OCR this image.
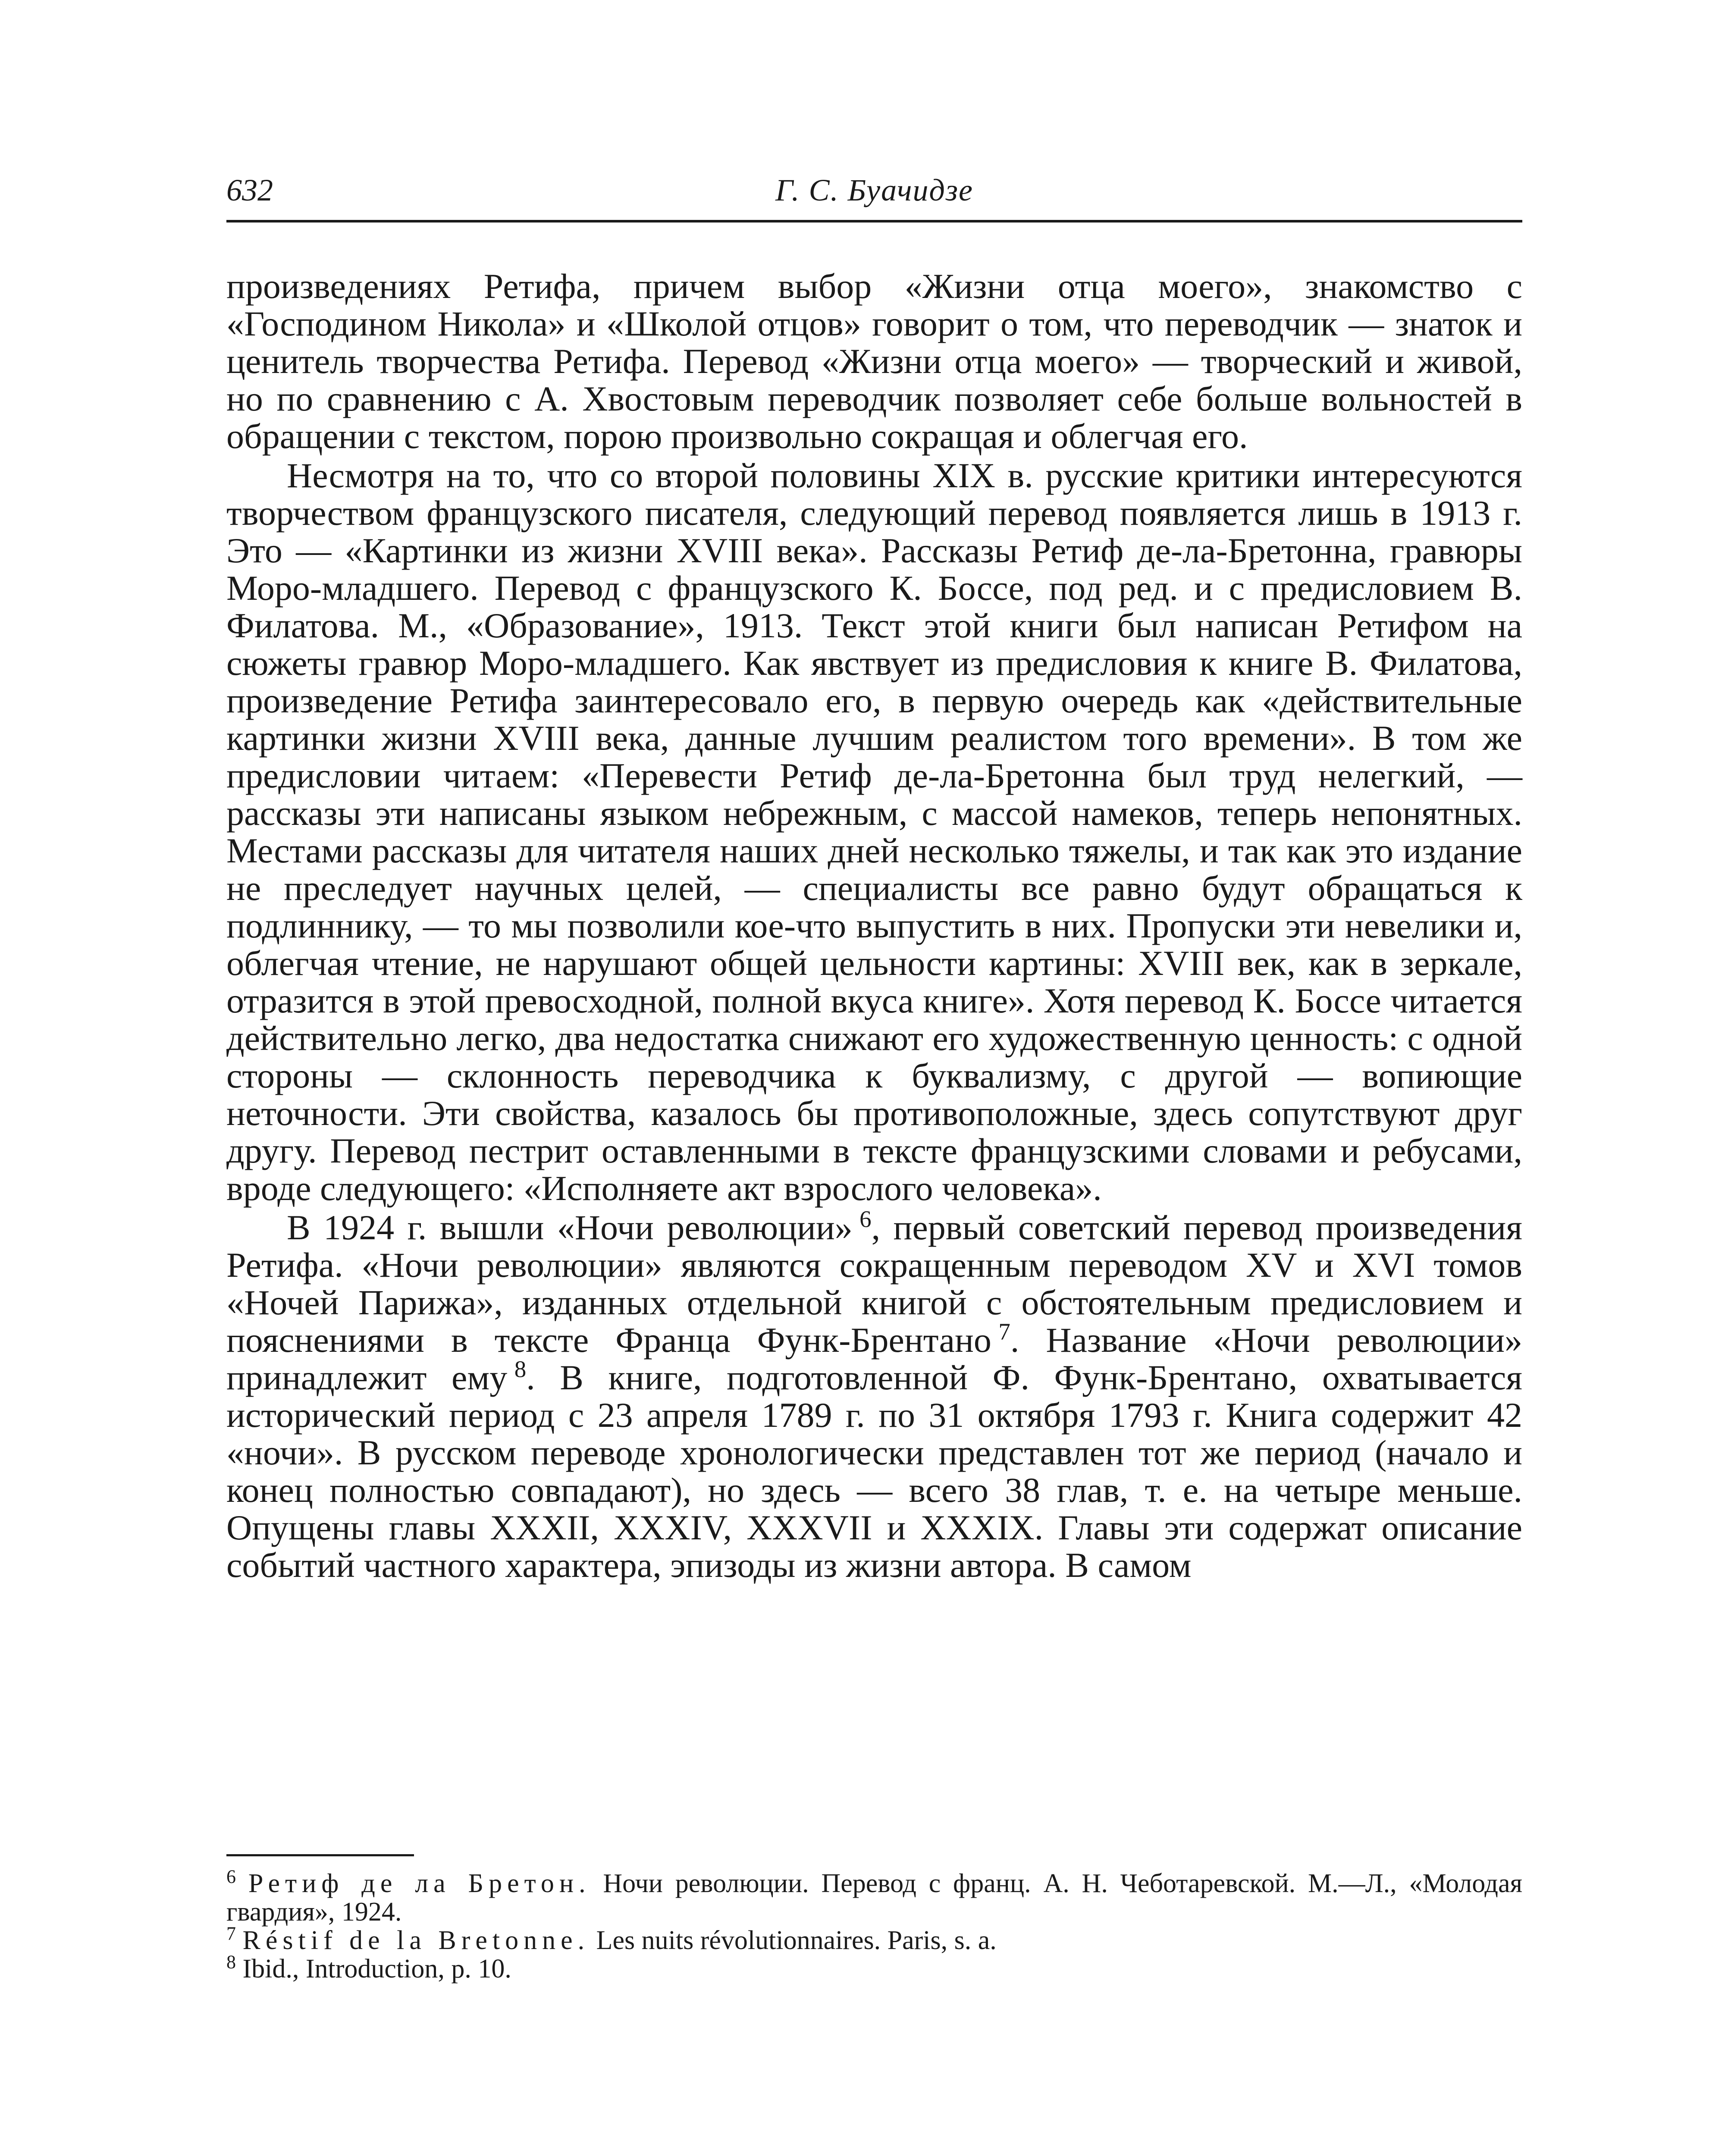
632	Г. С. Буачидзе

произведениях Ретифа, причем выбор «Жизни отца моего», знакомство с «Господином Никола» и «Школой отцов» говорит о том, что переводчик — знаток и ценитель творчества Ретифа. Перевод «Жизни отца моего» — творческий и живой, но по сравнению с А. Хвостовым переводчик позволяет себе больше вольностей в обращении с текстом, порою произвольно сокращая и облегчая его.

Несмотря на то, что со второй половины XIX в. русские критики интересуются творчеством французского писателя, следующий перевод появляется лишь в 1913 г. Это — «Картинки из жизни XVIII века». Рассказы Ретиф де-ла-Бретонна, гравюры Моро-младшего. Перевод с французского К. Боссе, под ред. и с предисловием В. Филатова. М., «Образование», 1913. Текст этой книги был написан Ретифом на сюжеты гравюр Моро-младшего. Как явствует из предисловия к книге В. Филатова, произведение Ретифа заинтересовало его, в первую очередь как «действительные картинки жизни XVIII века, данные лучшим реалистом того времени». В том же предисловии читаем: «Перевести Ретиф де-ла-Бретонна был труд нелегкий, — рассказы эти написаны языком небрежным, с массой намеков, теперь непонятных. Местами рассказы для читателя наших дней несколько тяжелы, и так как это издание не преследует научных целей, — специалисты все равно будут обращаться к подлиннику, — то мы позволили кое-что выпустить в них. Пропуски эти невелики и, облегчая чтение, не нарушают общей цельности картины: XVIII век, как в зеркале, отразится в этой превосходной, полной вкуса книге». Хотя перевод К. Боссе читается действительно легко, два недостатка снижают его художественную ценность: с одной стороны — склонность переводчика к буквализму, с другой — вопиющие неточности. Эти свойства, казалось бы противоположные, здесь сопутствуют друг другу. Перевод пестрит оставленными в тексте французскими словами и ребусами, вроде следующего: «Исполняете акт взрослого человека».

В 1924 г. вышли «Ночи революции»  $^6$, первый советский перевод произведения Ретифа. «Ночи революции» являются сокращенным переводом XV и XVI томов «Ночей Парижа», изданных отдельной книгой с обстоятельным предисловием и пояснениями в тексте Франца Функ-Брентано  $^7$. Название «Ночи революции» принадлежит ему  $^8$. В книге, подготовленной Ф. Функ-Брентано, охватывается исторический период с 23 апреля 1789 г. по 31 октября 1793 г. Книга содержит 42 «ночи». В русском переводе хронологически представлен тот же период (начало и конец полностью совпадают), но здесь — всего 38 глав, т. е. на четыре меньше. Опущены главы XXXII, XXXIV, XXXVII и XXXIX. Главы эти содержат описание событий частного характера, эпизоды из жизни автора. В самом

$^6$ Ретиф де ла Бретон. Ночи революции. Перевод с франц. А. Н. Чеботаревской. М.—Л., «Молодая гвардия», 1924.

$^7$ Réstif de la Bretonne. Les nuits révolutionnaires. Paris, s. a.

$^8$ Ibid., Introduction, p. 10.
